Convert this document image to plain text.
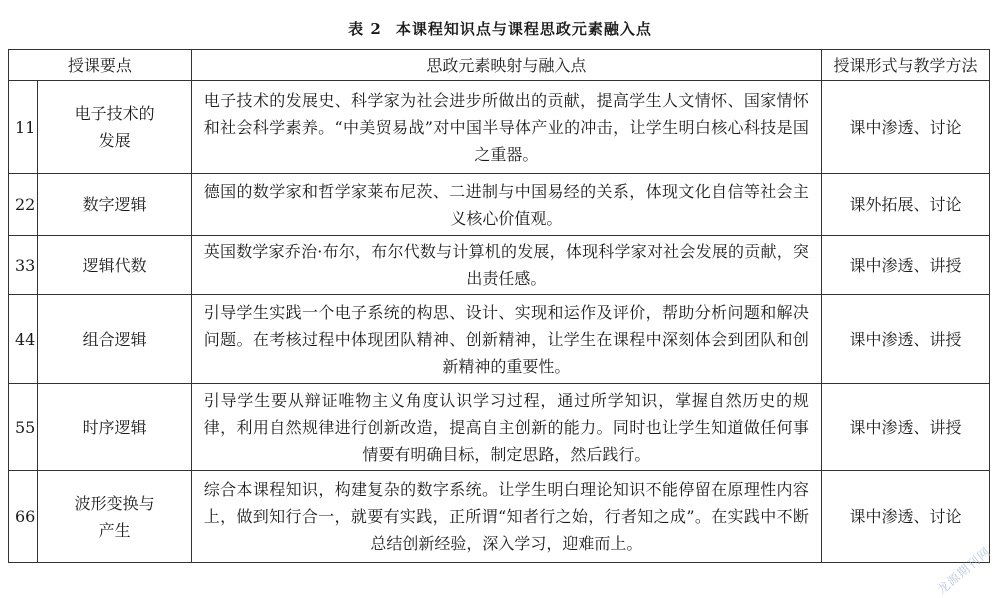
表 2 本课程知识点与课程思政元素融入点
授课要点		思政元素映射与融入点	授课形式与教学方法
11	电子技术的发展	电子技术的发展史、科学家为社会进步所做出的贡献，提高学生人文情怀、国家情怀和社会科学素养。“中美贸易战”对中国半导体产业的冲击，让学生明白核心科技是国之重器。	课中渗透、讨论
22	数字逻辑	德国的数学家和哲学家莱布尼茨、二进制与中国易经的关系，体现文化自信等社会主义核心价值观。	课外拓展、讨论
33	逻辑代数	英国数学家乔治·布尔，布尔代数与计算机的发展，体现科学家对社会发展的贡献，突出责任感。	课中渗透、讲授
44	组合逻辑	引导学生实践一个电子系统的构思、设计、实现和运作及评价，帮助分析问题和解决问题。在考核过程中体现团队精神、创新精神，让学生在课程中深刻体会到团队和创新精神的重要性。	课中渗透、讲授
55	时序逻辑	引导学生要从辩证唯物主义角度认识学习过程，通过所学知识，掌握自然历史的规律，利用自然规律进行创新改造，提高自主创新的能力。同时也让学生知道做任何事情要有明确目标，制定思路，然后践行。	课中渗透、讲授
66	波形变换与产生	综合本课程知识，构建复杂的数字系统。让学生明白理论知识不能停留在原理性内容上，做到知行合一，就要有实践，正所谓“知者行之始，行者知之成”。在实践中不断总结创新经验，深入学习，迎难而上。	课中渗透、讨论
龙源期刊网
